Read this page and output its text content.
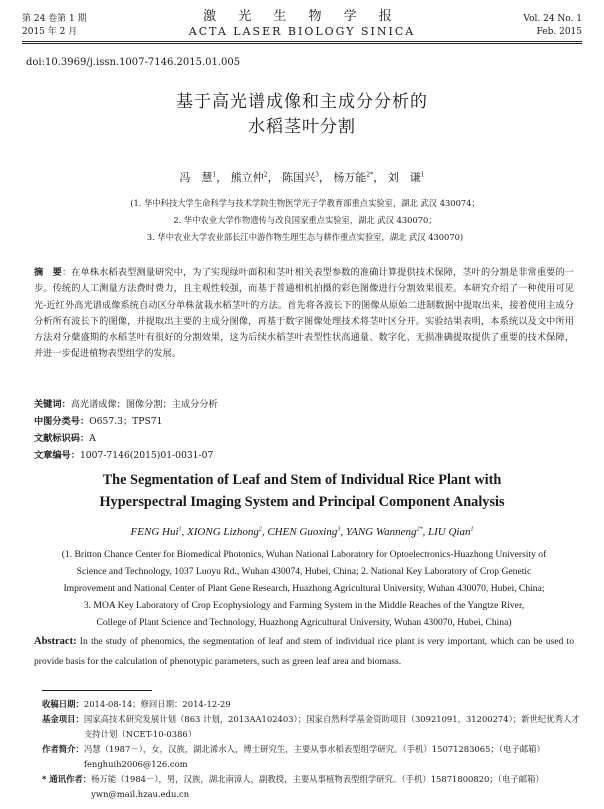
第 24 卷第 1 期
2015 年 2 月
激 光 生 物 学 报
ACTA LASER BIOLOGY SINICA
Vol. 24 No. 1
Feb. 2015
doi:10.3969/j.issn.1007-7146.2015.01.005
基于高光谱成像和主成分分析的
水稻茎叶分割
冯　慧$^1$， 熊立仲$^2$， 陈国兴$^3$， 杨万能$^{2*}$， 刘　谦$^1$
(1. 华中科技大学生命科学与技术学院生物医学光子学教育部重点实验室，湖北 武汉 430074；
2. 华中农业大学作物遗传与改良国家重点实验室，湖北 武汉 430070；
3. 华中农业大学农业部长江中游作物生理生态与耕作重点实验室，湖北 武汉 430070)
摘　要：在单株水稻表型测量研究中，为了实现绿叶面积和茎叶相关表型参数的准确计算提供技术保障，茎叶的分割是非常重要的一步。传统的人工测量方法费时费力，且主观性较强，而基于普通相机拍摄的彩色图像进行分割效果很差。本研究介绍了一种使用可见光-近红外高光谱成像系统自动区分单株盆栽水稻茎叶的方法。首先将各波长下的图像从原始二进制数据中提取出来，接着使用主成分分析所有波长下的图像，并提取出主要的主成分图像，再基于数字图像处理技术将茎叶区分开。实验结果表明，本系统以及文中所用方法对分蘖盛期的水稻茎叶有很好的分割效果，这为后续水稻茎叶表型性状高通量、数字化、无损准确提取提供了重要的技术保障，并进一步促进植物表型组学的发展。
关键词：高光谱成像；图像分割；主成分分析
中图分类号：O657.3；TPS71
文献标识码：A
文章编号：1007-7146(2015)01-0031-07
The Segmentation of Leaf and Stem of Individual Rice Plant with
Hyperspectral Imaging System and Principal Component Analysis
FENG Hui$^1$, XIONG Lizhong$^2$, CHEN Guoxing$^3$, YANG Wanneng$^{2*}$, LIU Qian$^1$
(1. Britton Chance Center for Biomedical Photonics, Wuhan National Laboratory for Optoelectronics-Huazhong University of
Science and Technology, 1037 Luoyu Rd., Wuhan 430074, Hubei, China; 2. National Key Laboratory of Crop Genetic
Improvement and National Center of Plant Gene Research, Huazhong Agricultural University, Wuhan 430070, Hubei, China;
3. MOA Key Laboratory of Crop Ecophysiology and Farming System in the Middle Reaches of the Yangtze River,
College of Plant Science and Technology, Huazhong Agricultural University, Wuhan 430070, Hubei, China)
Abstract: In the study of phenomics, the segmentation of leaf and stem of individual rice plant is very important, which can be used to provide basis for the calculation of phenotypic parameters, such as green leaf area and biomass.
收稿日期： 2014-08-14；修回日期：2014-12-29
基金项目： 国家高技术研究发展计划（863 计划，2013AA102403）；国家自然科学基金资助项目（30921091，31200274）；新世纪优秀人才支持计划（NCET-10-0386）
作者简介： 冯慧（1987－），女，汉族，湖北浠水人，博士研究生，主要从事水稻表型组学研究。（手机）15071283065；（电子邮箱）fenghuih2006@126.com
* 通讯作者： 杨万能（1984－），男，汉族，湖北南漳人，副教授，主要从事植物表型组学研究。（手机）15871800820；（电子邮箱）ywn@mail.hzau.edu.cn
